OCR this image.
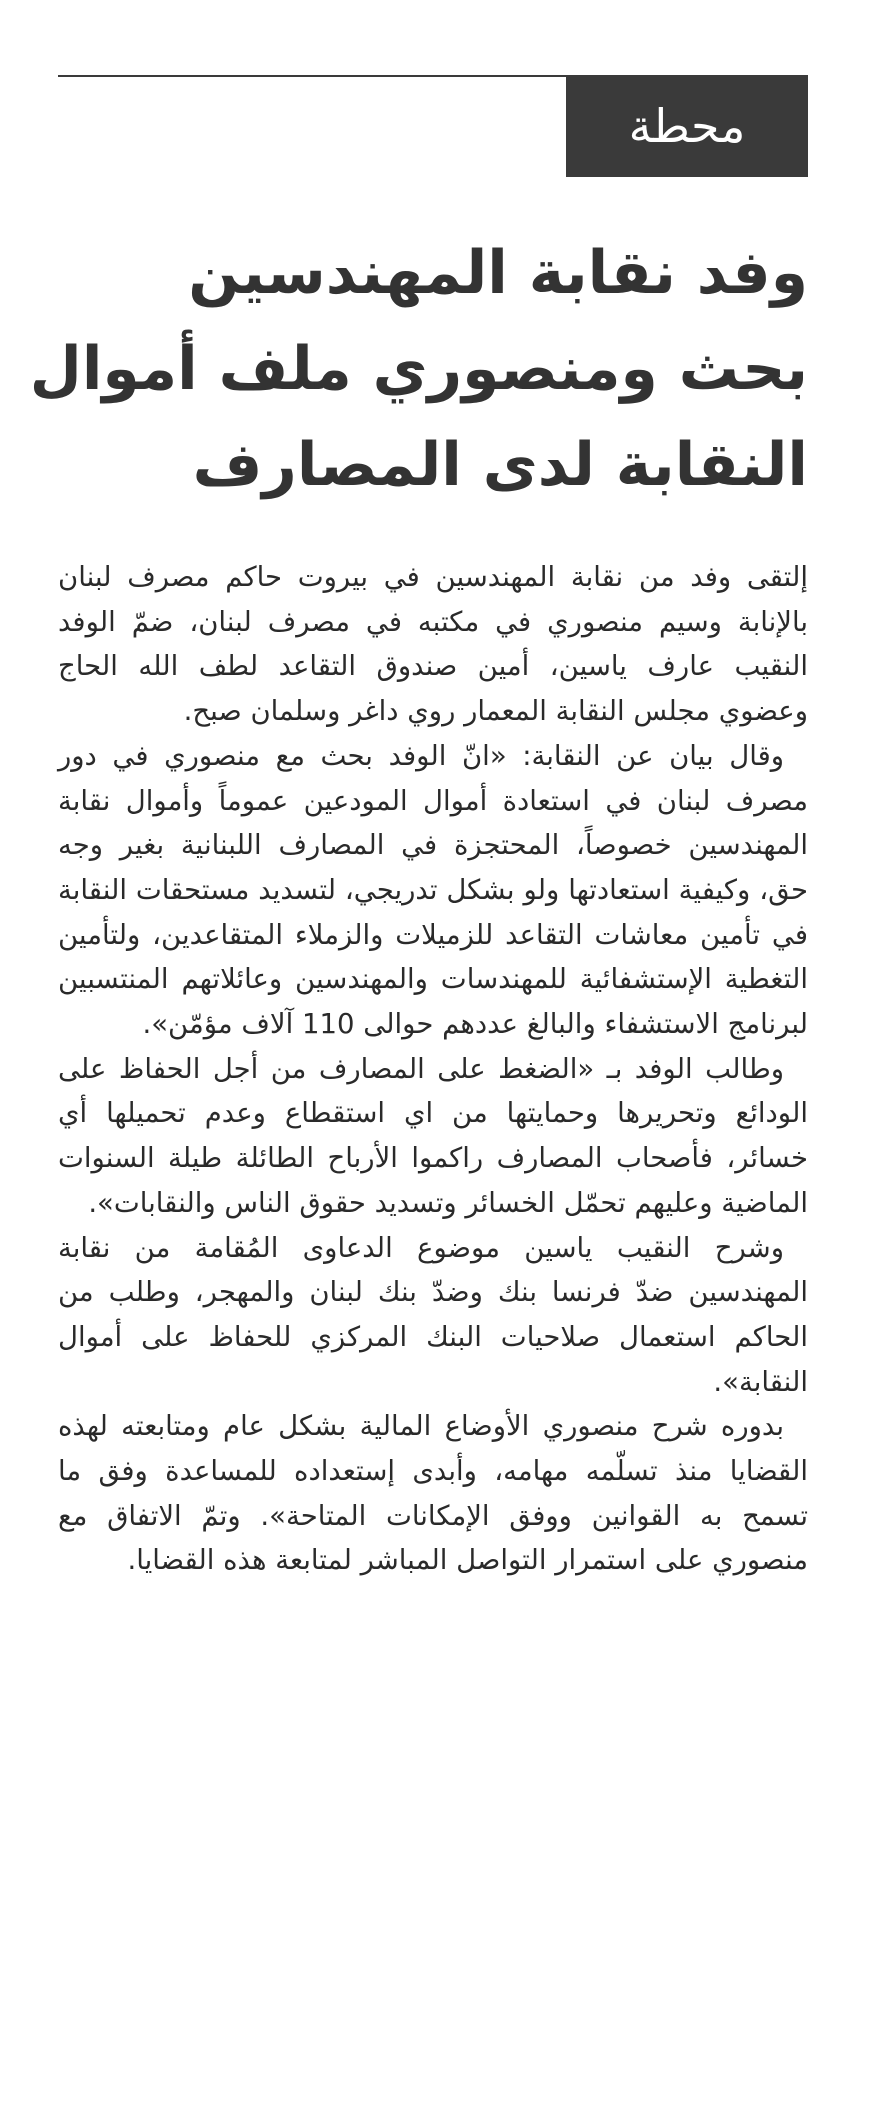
محطة
وفد نقابة المهندسين
بحث ومنصوري ملف أموال
النقابة لدى المصارف

إلتقى وفد من نقابة المهندسين في بيروت حاكم مصرف لبنان بالإنابة وسيم منصوري في مكتبه في مصرف لبنان، ضمّ الوفد النقيب عارف ياسين، أمين صندوق التقاعد لطف الله الحاج وعضوي مجلس النقابة المعمار روي داغر وسلمان صبح.

وقال بيان عن النقابة: «انّ الوفد بحث مع منصوري في دور مصرف لبنان في استعادة أموال المودعين عموماً وأموال نقابة المهندسين خصوصاً، المحتجزة في المصارف اللبنانية بغير وجه حق، وكيفية استعادتها ولو بشكل تدريجي، لتسديد مستحقات النقابة في تأمين معاشات التقاعد للزميلات والزملاء المتقاعدين، ولتأمين التغطية الإستشفائية للمهندسات والمهندسين وعائلاتهم المنتسبين لبرنامج الاستشفاء والبالغ عددهم حوالى 110 آلاف مؤمّن».

وطالب الوفد بـ «الضغط على المصارف من أجل الحفاظ على الودائع وتحريرها وحمايتها من اي استقطاع وعدم تحميلها أي خسائر، فأصحاب المصارف راكموا الأرباح الطائلة طيلة السنوات الماضية وعليهم تحمّل الخسائر وتسديد حقوق الناس والنقابات».

وشرح النقيب ياسين موضوع الدعاوى المُقامة من نقابة المهندسين ضدّ فرنسا بنك وضدّ بنك لبنان والمهجر، وطلب من الحاكم استعمال صلاحيات البنك المركزي للحفاظ على أموال النقابة».

بدوره شرح منصوري الأوضاع المالية بشكل عام ومتابعته لهذه القضايا منذ تسلّمه مهامه، وأبدى إستعداده للمساعدة وفق ما تسمح به القوانين ووفق الإمكانات المتاحة». وتمّ الاتفاق مع منصوري على استمرار التواصل المباشر لمتابعة هذه القضايا.
